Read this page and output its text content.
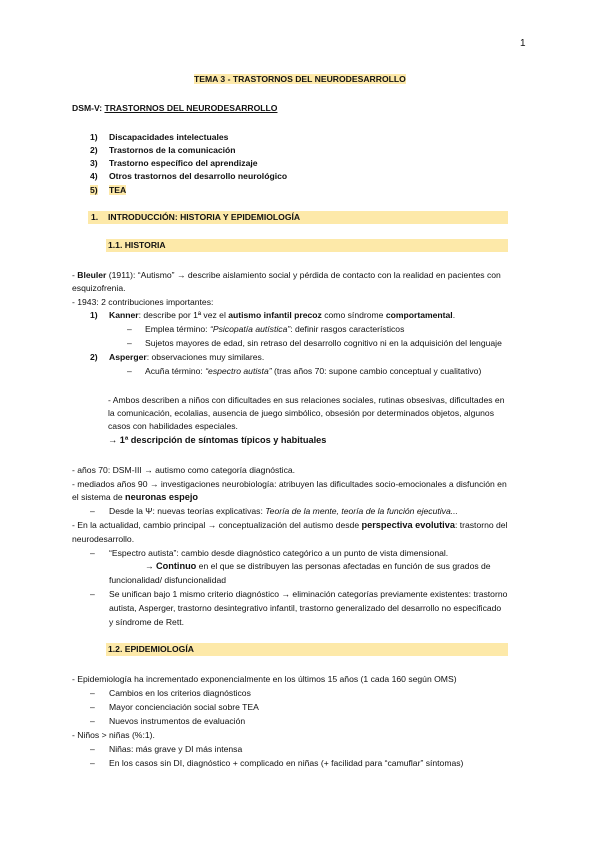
1
TEMA 3 - TRASTORNOS DEL NEURODESARROLLO
DSM-V: TRASTORNOS DEL NEURODESARROLLO
1) Discapacidades intelectuales
2) Trastornos de la comunicación
3) Trastorno específico del aprendizaje
4) Otros trastornos del desarrollo neurológico
5) TEA
1. INTRODUCCIÓN: HISTORIA Y EPIDEMIOLOGÍA
1.1. HISTORIA
- Bleuler (1911): “Autismo” → describe aislamiento social y pérdida de contacto con la realidad en pacientes con
esquizofrenia.
- 1943: 2 contribuciones importantes:
1) Kanner: describe por 1ª vez el autismo infantil precoz como síndrome comportamental.
– Emplea término: “Psicopatía autística”: definir rasgos característicos
– Sujetos mayores de edad, sin retraso del desarrollo cognitivo ni en la adquisición del lenguaje
2) Asperger: observaciones muy similares.
– Acuña término: “espectro autista” (tras años 70: supone cambio conceptual y cualitativo)
- Ambos describen a niños con dificultades en sus relaciones sociales, rutinas obsesivas, dificultades en
la comunicación, ecolalias, ausencia de juego simbólico, obsesión por determinados objetos, algunos
casos con habilidades especiales.
→ 1ª descripción de síntomas típicos y habituales
- años 70: DSM-III → autismo como categoría diagnóstica.
- mediados años 90 → investigaciones neurobiología: atribuyen las dificultades socio-emocionales a disfunción en
el sistema de neuronas espejo
– Desde la Ψ: nuevas teorías explicativas: Teoría de la mente, teoría de la función ejecutiva...
- En la actualidad, cambio principal → conceptualización del autismo desde perspectiva evolutiva: trastorno del
neurodesarrollo.
– “Espectro autista”: cambio desde diagnóstico categórico a un punto de vista dimensional.
→ Continuo en el que se distribuyen las personas afectadas en función de sus grados de
funcionalidad/ disfuncionalidad
– Se unifican bajo 1 mismo criterio diagnóstico → eliminación categorías previamente existentes: trastorno
autista, Asperger, trastorno desintegrativo infantil, trastorno generalizado del desarrollo no especificado
y síndrome de Rett.
1.2. EPIDEMIOLOGÍA
- Epidemiología ha incrementado exponencialmente en los últimos 15 años (1 cada 160 según OMS)
– Cambios en los criterios diagnósticos
– Mayor concienciación social sobre TEA
– Nuevos instrumentos de evaluación
- Niños > niñas (%:1).
– Niñas: más grave y DI más intensa
– En los casos sin DI, diagnóstico + complicado en niñas (+ facilidad para “camuflar” síntomas)
